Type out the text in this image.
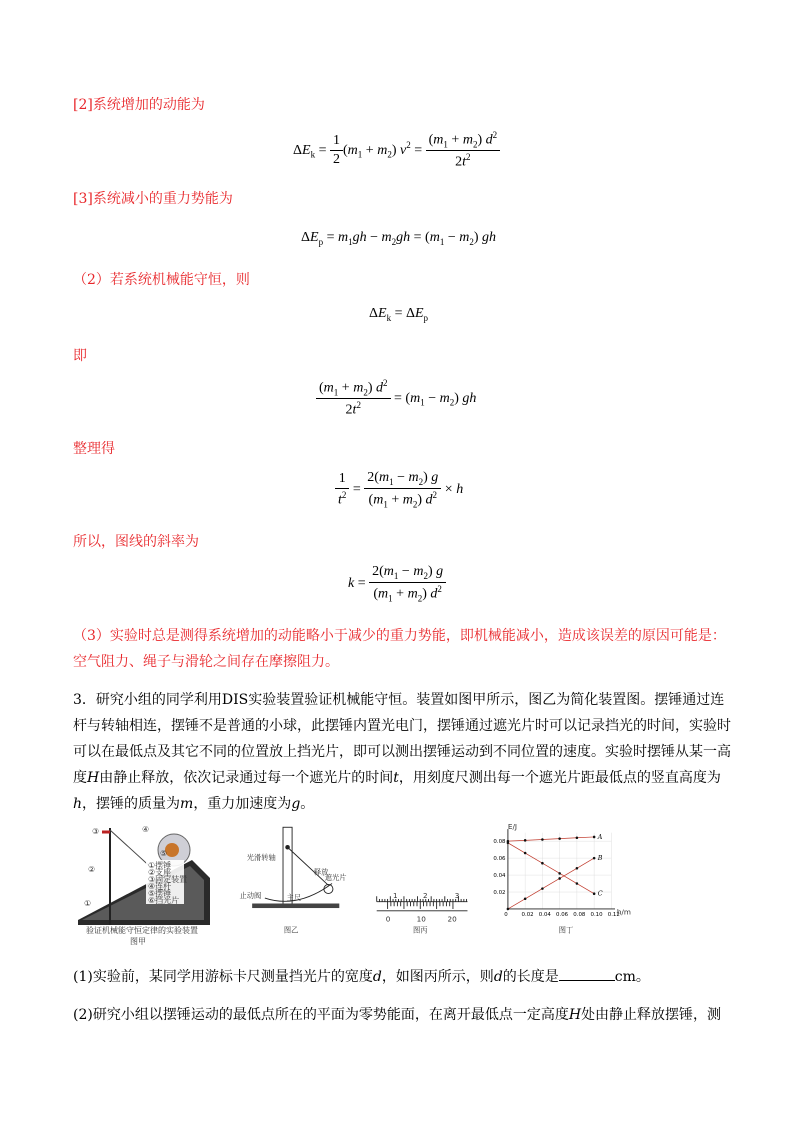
[2]系统增加的动能为
$\Delta E_k = \frac{1}{2} (m_1 + m_2) v^2 = \frac{(m_1 + m_2) d^2}{2t^2}$
[3]系统减小的重力势能为
$\Delta E_p = m_1gh - m_2gh = (m_1 - m_2)$ gh
（2）若系统机械能守恒，则
$\Delta E_k = \Delta E_p$
即
$\frac{(m_1 + m_2) d^2}{2t^2} = (m_1 - m_2)$ gh
整理得
$\frac{1}{t^2} = \frac{2(m_1 - m_2) g}{(m_1 + m_2) d^2} \times h$
所以，图线的斜率为
$k = \frac{2(m_1 - m_2) g}{(m_1 + m_2) d^2}$
（3）实验时总是测得系统增加的动能略小于减少的重力势能，即机械能减小，造成该误差的原因可能是：空气阻力、绳子与滑轮之间存在摩擦阻力。
3．研究小组的同学利用DIS实验装置验证机械能守恒。装置如图甲所示，图乙为简化装置图。摆锤通过连杆与转轴相连，摆锤不是普通的小球，此摆锤内置光电门，摆锤通过遮光片时可以记录挡光的时间，实验时可以在最低点及其它不同的位置放上挡光片，即可以测出摆锤运动到不同位置的速度。实验时摆锤从某一高度H由静止释放，依次记录通过每一个遮光片的时间t，用刻度尺测出每一个遮光片距最低点的竖直高度为h，摆锤的质量为m，重力加速度为g。
①摆锤
②支座
③固定装置
④连杆
⑤摆锤
⑥挡光片
①
②
③	④
⑤
验证机械能守恒定律的实验装置
图甲
光滑转轴
释放
遮光片
止动阀	主尺
图乙
1	2	3
0	10	20
图丙
E/J
h/m
0 0.02 0.04 0.06 0.08 0.10 0.12
0.02
0.04
0.06
0.08
A
B
C
图丁
(1)实验前，某同学用游标卡尺测量挡光片的宽度d，如图丙所示，则d的长度是	cm。
(2)研究小组以摆锤运动的最低点所在的平面为零势能面，在离开最低点一定高度H处由静止释放摆锤，测
